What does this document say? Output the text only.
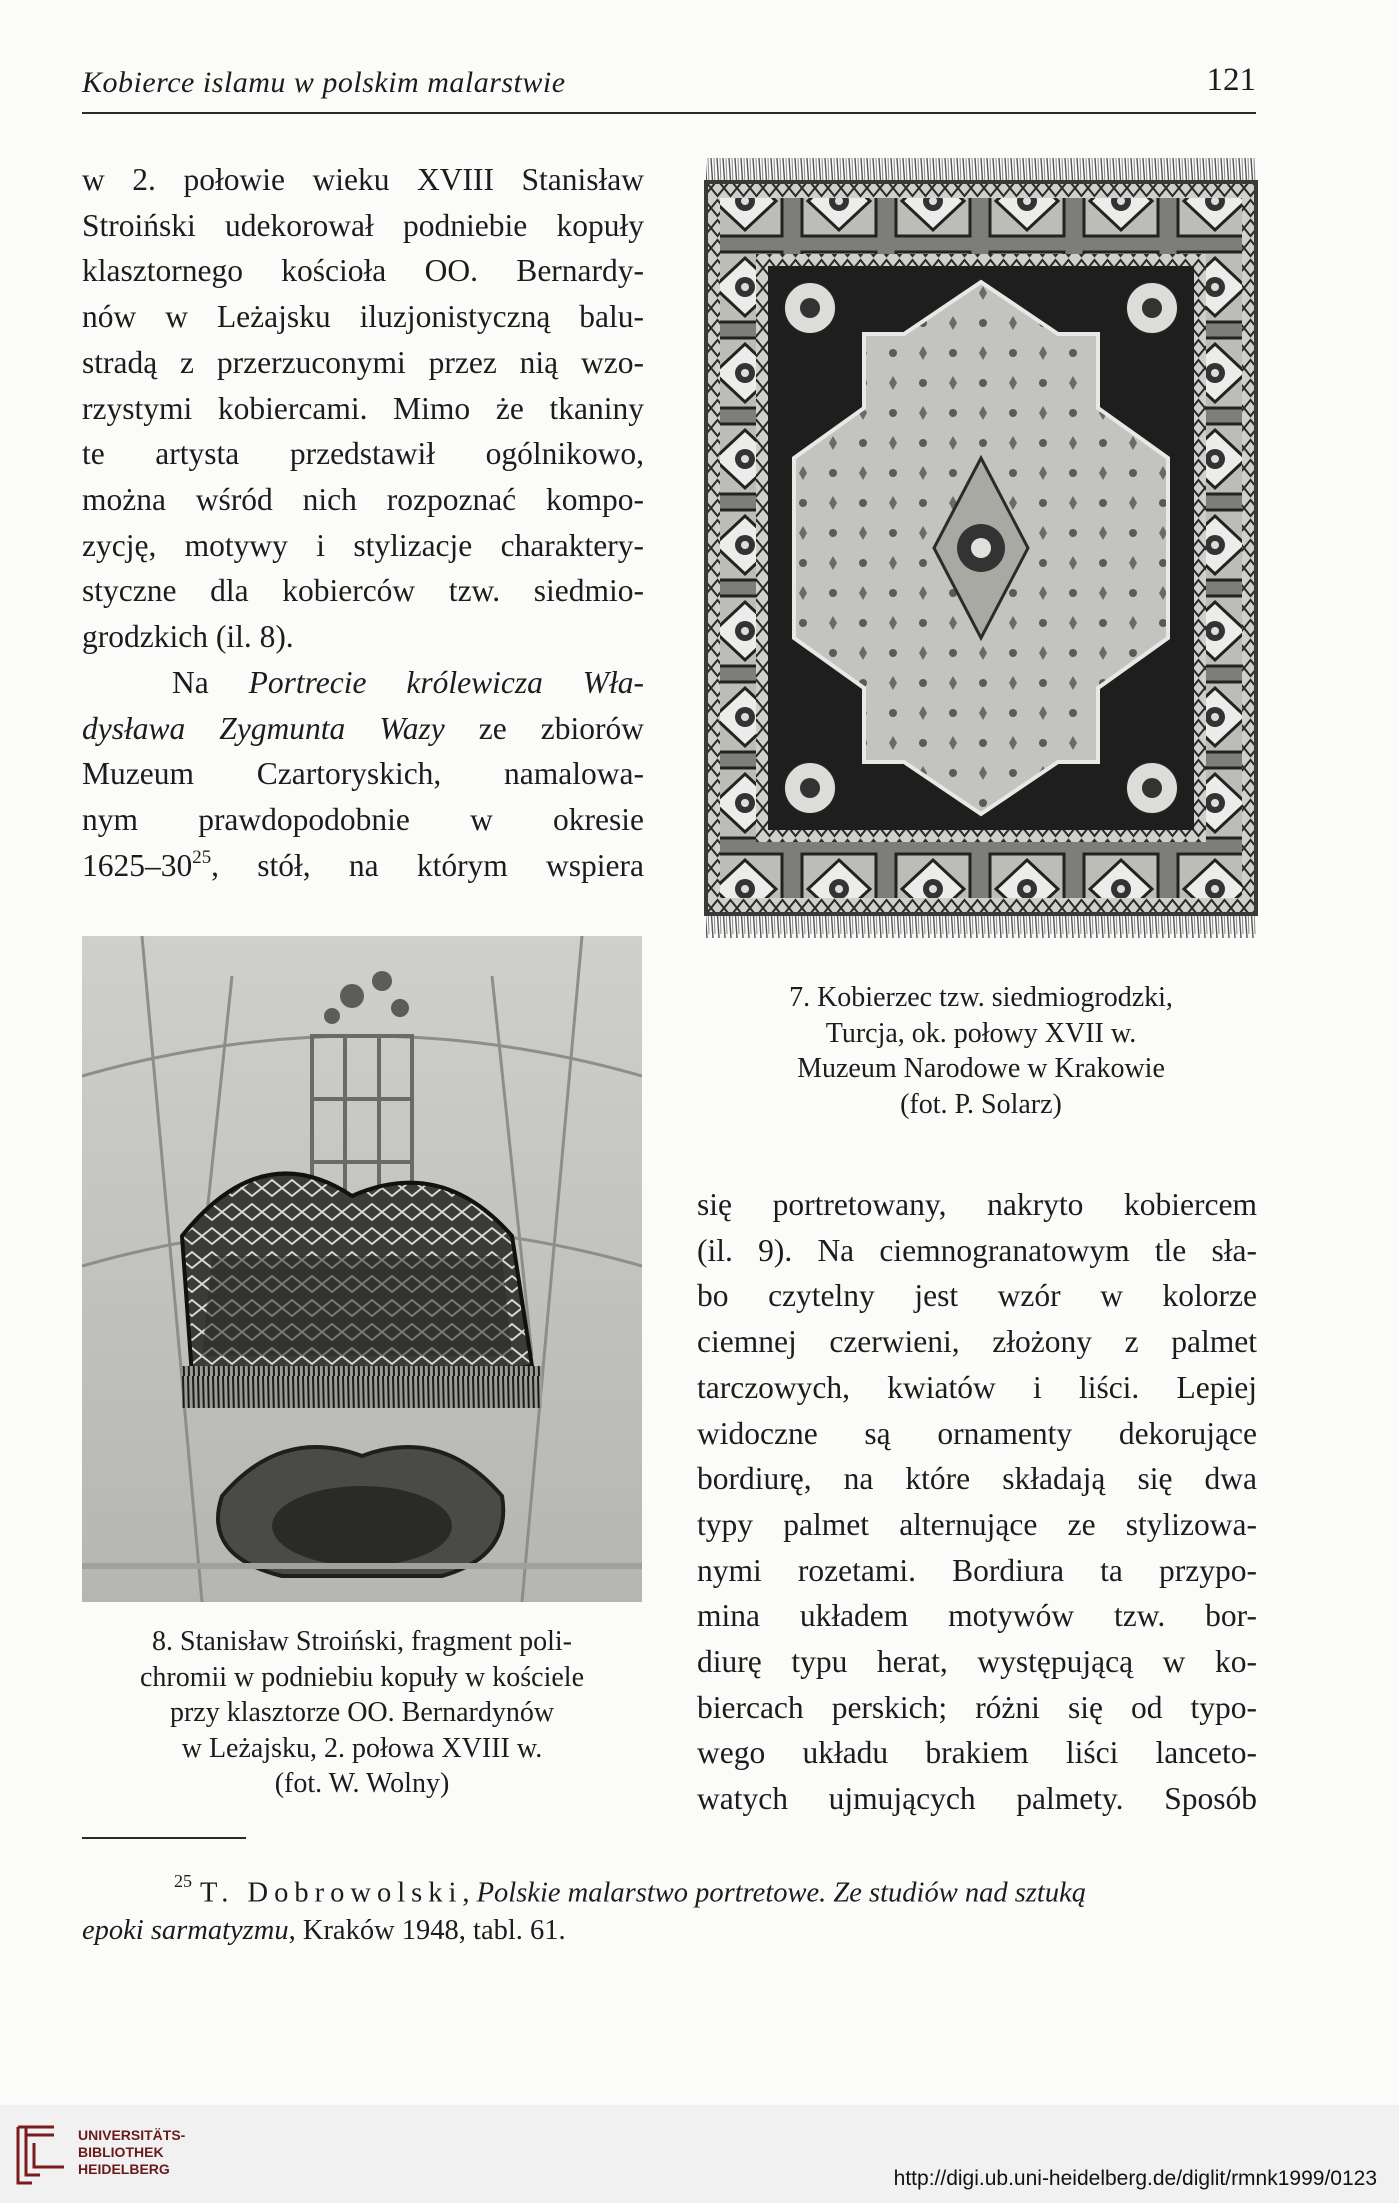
Kobierce islamu w polskim malarstwie	121

w 2. połowie wieku XVIII Stanisław
Stroiński udekorował podniebie kopuły
klasztornego kościoła OO. Bernardy-
nów w Leżajsku iluzjonistyczną balu-
stradą z przerzuconymi przez nią wzo-
rzystymi kobiercami. Mimo że tkaniny
te artysta przedstawił ogólnikowo,
można wśród nich rozpoznać kompo-
zycję, motywy i stylizacje charaktery-
styczne dla kobierców tzw. siedmio-
grodzkich (il. 8).

Na Portrecie królewicza Wła-
dysława Zygmunta Wazy ze zbiorów
Muzeum Czartoryskich, namalowa-
nym prawdopodobnie w okresie
$1625-30^{25}$, stół, na którym wspiera

się portretowany, nakryto kobiercem
(il. 9). Na ciemnogranatowym tle sła-
bo czytelny jest wzór w kolorze
ciemnej czerwieni, złożony z palmet
tarczowych, kwiatów i liści. Lepiej
widoczne są ornamenty dekorujące
bordiurę, na które składają się dwa
typy palmet alternujące ze stylizowa-
nymi rozetami. Bordiura ta przypo-
mina układem motywów tzw. bor-
diurę typu herat, występującą w ko-
biercach perskich; różni się od typo-
wego układu brakiem liści lanceto-
watych ujmujących palmety. Sposób

7. Kobierzec tzw. siedmiogrodzki,
Turcja, ok. połowy XVII w.
Muzeum Narodowe w Krakowie
(fot. P. Solarz)

8. Stanisław Stroiński, fragment poli-
chromii w podniebiu kopuły w kościele
przy klasztorze OO. Bernardynów
w Leżajsku, 2. połowa XVIII w.
(fot. W. Wolny)

$^{25}$ T. Dobrowolski, Polskie malarstwo portretowe. Ze studiów nad sztuką
epoki sarmatyzmu, Kraków 1948, tabl. 61.

UNIVERSITÄTS-
BIBLIOTHEK
HEIDELBERG	http://digi.ub.uni-heidelberg.de/diglit/rmnk1999/0123
